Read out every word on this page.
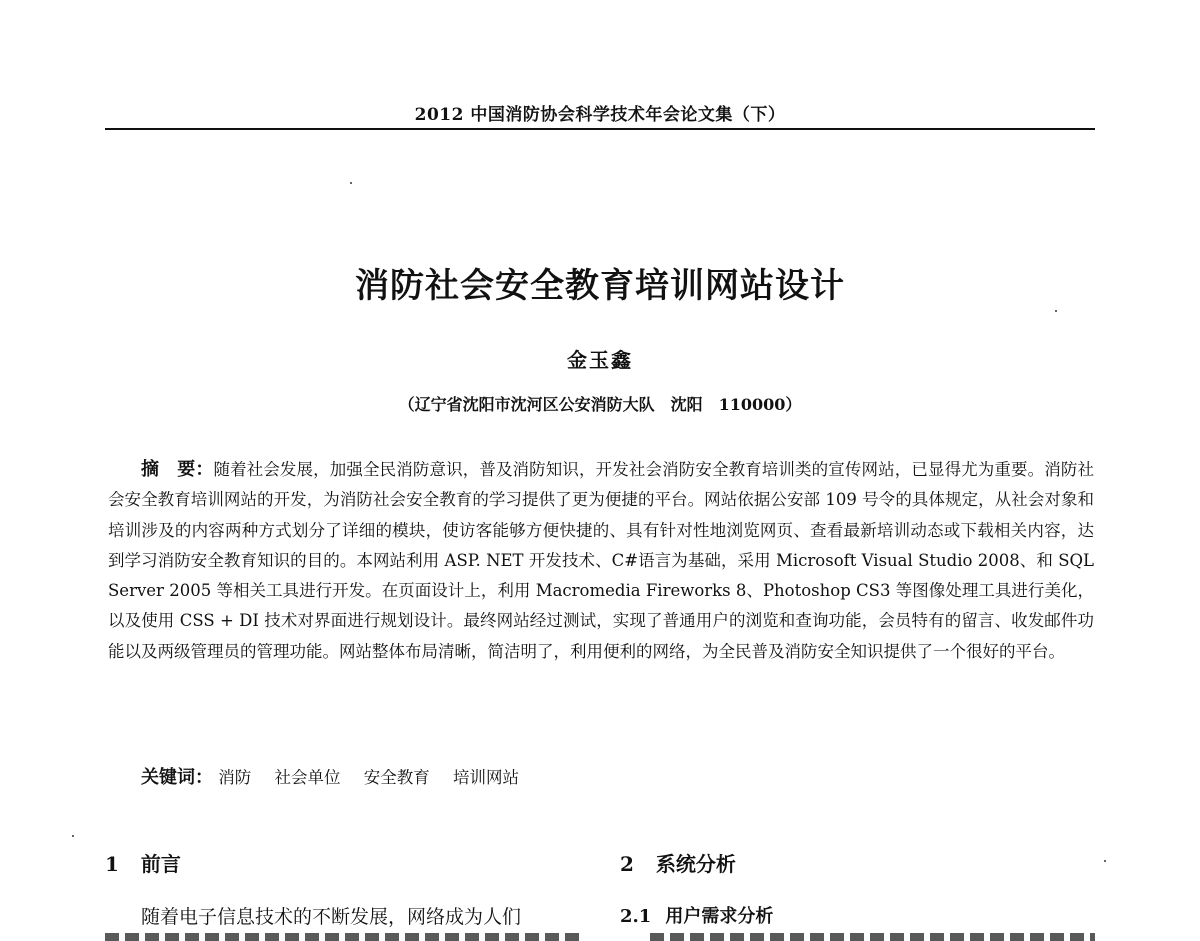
2012 中国消防协会科学技术年会论文集（下）
消防社会安全教育培训网站设计
金玉鑫
（辽宁省沈阳市沈河区公安消防大队　沈阳　110000）

摘　要：随着社会发展，加强全民消防意识，普及消防知识，开发社会消防安全教育培训类的宣传网站，已显得尤为重要。消防社会安全教育培训网站的开发，为消防社会安全教育的学习提供了更为便捷的平台。网站依据公安部 109 号令的具体规定，从社会对象和培训涉及的内容两种方式划分了详细的模块，使访客能够方便快捷的、具有针对性地浏览网页、查看最新培训动态或下载相关内容，达到学习消防安全教育知识的目的。本网站利用 ASP. NET 开发技术、C#语言为基础，采用 Microsoft Visual Studio 2008、和 SQL Server 2005 等相关工具进行开发。在页面设计上，利用 Macromedia Fireworks 8、Photoshop CS3 等图像处理工具进行美化，以及使用 CSS + DI 技术对界面进行规划设计。最终网站经过测试，实现了普通用户的浏览和查询功能，会员特有的留言、收发邮件功能以及两级管理员的管理功能。网站整体布局清晰，简洁明了，利用便利的网络，为全民普及消防安全知识提供了一个很好的平台。

关键词： 消防 社会单位 安全教育 培训网站
1 前言	2 系统分析
随着电子信息技术的不断发展，网络成为人们	2.1 用户需求分析
